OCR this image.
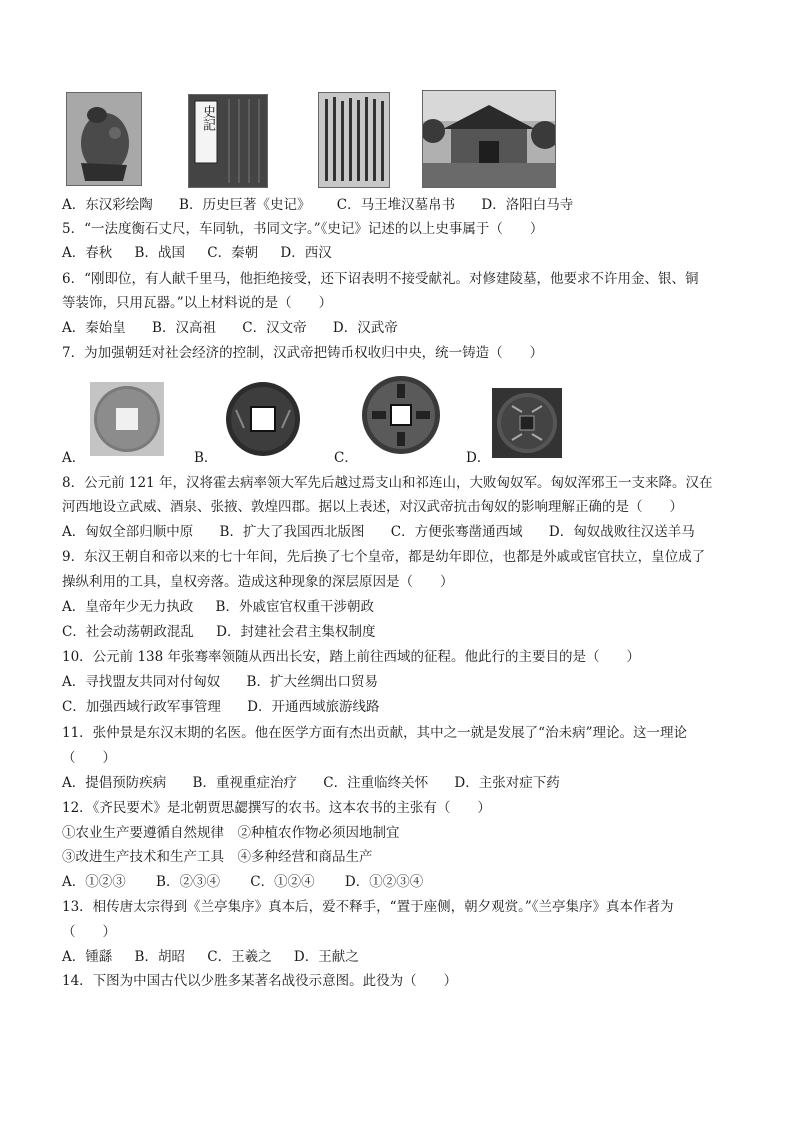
史記
A．东汉彩绘陶 B．历史巨著《史记》 C．马王堆汉墓帛书 D．洛阳白马寺
5．“一法度衡石丈尺，车同轨，书同文字。”《史记》记述的以上史事属于（　　）
A．春秋 B．战国 C．秦朝 D．西汉
6．“刚即位，有人献千里马，他拒绝接受，还下诏表明不接受献礼。对修建陵墓，他要求不许用金、银、铜
等装饰，只用瓦器。”以上材料说的是（　　）
A．秦始皇 B．汉高祖 C．汉文帝 D．汉武帝
7．为加强朝廷对社会经济的控制，汉武帝把铸币权收归中央，统一铸造（　　）
A．	B．	C．	D．
8．公元前 121 年，汉将霍去病率领大军先后越过焉支山和祁连山，大败匈奴军。匈奴浑邪王一支来降。汉在
河西地设立武威、酒泉、张掖、敦煌四郡。据以上表述，对汉武帝抗击匈奴的影响理解正确的是（　　）
A．匈奴全部归顺中原 B．扩大了我国西北版图 C．方便张骞凿通西域 D．匈奴战败往汉送羊马
9．东汉王朝自和帝以来的七十年间，先后换了七个皇帝，都是幼年即位，也都是外戚或宦官扶立，皇位成了
操纵利用的工具，皇权旁落。造成这种现象的深层原因是（　　）
A．皇帝年少无力执政 B．外戚宦官权重干涉朝政
C．社会动荡朝政混乱 D．封建社会君主集权制度
10．公元前 138 年张骞率领随从西出长安，踏上前往西域的征程。他此行的主要目的是（　　）
A．寻找盟友共同对付匈奴 B．扩大丝绸出口贸易
C．加强西域行政军事管理 D．开通西域旅游线路
11．张仲景是东汉末期的名医。他在医学方面有杰出贡献，其中之一就是发展了“治未病”理论。这一理论
（　　）
A．提倡预防疾病 B．重视重症治疗 C．注重临终关怀 D．主张对症下药
12．《齐民要术》是北朝贾思勰撰写的农书。这本农书的主张有（　　）
①农业生产要遵循自然规律　②种植农作物必须因地制宜
③改进生产技术和生产工具　④多种经营和商品生产
A．①②③ B．②③④ C．①②④ D．①②③④
13．相传唐太宗得到《兰亭集序》真本后，爱不释手，“置于座侧，朝夕观赏。”《兰亭集序》真本作者为
（　　）
A．锺繇 B．胡昭 C．王羲之 D．王献之
14．下图为中国古代以少胜多某著名战役示意图。此役为（　　）
